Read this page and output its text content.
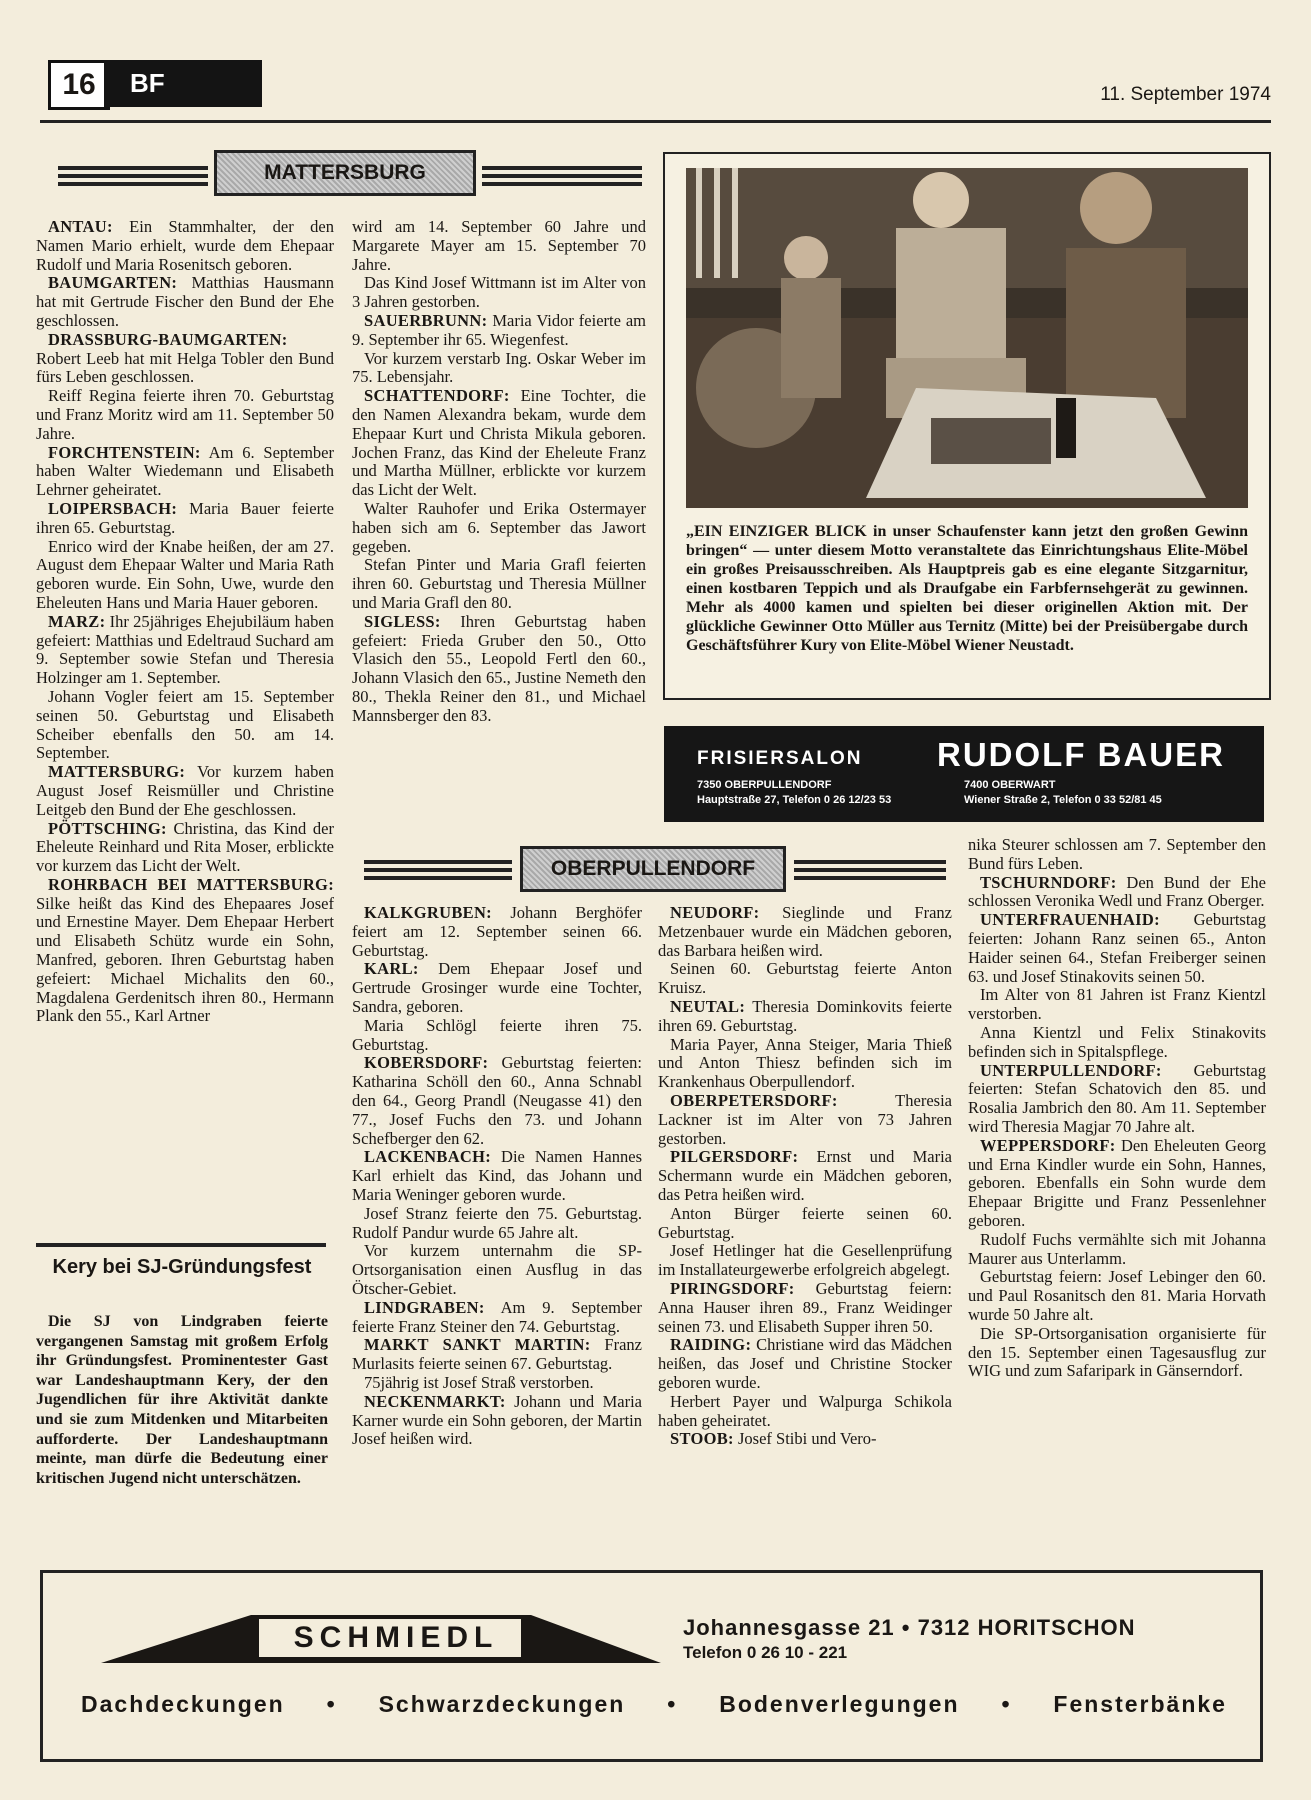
16	BF	11. September 1974
MATTERSBURG

ANTAU: Ein Stammhalter, der den Namen Mario erhielt, wurde dem Ehepaar Rudolf und Maria Rosenitsch geboren.

BAUMGARTEN: Matthias Hausmann hat mit Gertrude Fischer den Bund der Ehe geschlossen.

DRASSBURG-BAUMGARTEN: Robert Leeb hat mit Helga Tobler den Bund fürs Leben geschlossen.

Reiff Regina feierte ihren 70. Geburtstag und Franz Moritz wird am 11. September 50 Jahre.

FORCHTENSTEIN: Am 6. September haben Walter Wiedemann und Elisabeth Lehrner geheiratet.

LOIPERSBACH: Maria Bauer feierte ihren 65. Geburtstag.

Enrico wird der Knabe heißen, der am 27. August dem Ehepaar Walter und Maria Rath geboren wurde. Ein Sohn, Uwe, wurde den Eheleuten Hans und Maria Hauer geboren.

MARZ: Ihr 25jähriges Ehejubiläum haben gefeiert: Matthias und Edeltraud Suchard am 9. September sowie Stefan und Theresia Holzinger am 1. September.

Johann Vogler feiert am 15. September seinen 50. Geburtstag und Elisabeth Scheiber ebenfalls den 50. am 14. September.

MATTERSBURG: Vor kurzem haben August Josef Reismüller und Christine Leitgeb den Bund der Ehe geschlossen.

PÖTTSCHING: Christina, das Kind der Eheleute Reinhard und Rita Moser, erblickte vor kurzem das Licht der Welt.

ROHRBACH BEI MATTERSBURG: Silke heißt das Kind des Ehepaares Josef und Ernestine Mayer. Dem Ehepaar Herbert und Elisabeth Schütz wurde ein Sohn, Manfred, geboren. Ihren Geburtstag haben gefeiert: Michael Michalits den 60., Magdalena Gerdenitsch ihren 80., Hermann Plank den 55., Karl Artner

wird am 14. September 60 Jahre und Margarete Mayer am 15. September 70 Jahre.

Das Kind Josef Wittmann ist im Alter von 3 Jahren gestorben.

SAUERBRUNN: Maria Vidor feierte am 9. September ihr 65. Wiegenfest.

Vor kurzem verstarb Ing. Oskar Weber im 75. Lebensjahr.

SCHATTENDORF: Eine Tochter, die den Namen Alexandra bekam, wurde dem Ehepaar Kurt und Christa Mikula geboren. Jochen Franz, das Kind der Eheleute Franz und Martha Müllner, erblickte vor kurzem das Licht der Welt.

Walter Rauhofer und Erika Ostermayer haben sich am 6. September das Jawort gegeben.

Stefan Pinter und Maria Grafl feierten ihren 60. Geburtstag und Theresia Müllner und Maria Grafl den 80.

SIGLESS: Ihren Geburtstag haben gefeiert: Frieda Gruber den 50., Otto Vlasich den 55., Leopold Fertl den 60., Johann Vlasich den 65., Justine Nemeth den 80., Thekla Reiner den 81., und Michael Mannsberger den 83.

„EIN EINZIGER BLICK in unser Schaufenster kann jetzt den großen Gewinn bringen“ — unter diesem Motto veranstaltete das Einrichtungshaus Elite-Möbel ein großes Preisausschreiben. Als Hauptpreis gab es eine elegante Sitzgarnitur, einen kostbaren Teppich und als Draufgabe ein Farbfernsehgerät zu gewinnen. Mehr als 4000 kamen und spielten bei dieser originellen Aktion mit. Der glückliche Gewinner Otto Müller aus Ternitz (Mitte) bei der Preisübergabe durch Geschäftsführer Kury von Elite-Möbel Wiener Neustadt.
FRISIERSALON RUDOLF BAUER
7350 OBERPULLENDORF
Hauptstraße 27, Telefon 0 26 12/23 53
7400 OBERWART
Wiener Straße 2, Telefon 0 33 52/81 45
OBERPULLENDORF

KALKGRUBEN: Johann Berghöfer feiert am 12. September seinen 66. Geburtstag.

KARL: Dem Ehepaar Josef und Gertrude Grosinger wurde eine Tochter, Sandra, geboren.

Maria Schlögl feierte ihren 75. Geburtstag.

KOBERSDORF: Geburtstag feierten: Katharina Schöll den 60., Anna Schnabl den 64., Georg Prandl (Neugasse 41) den 77., Josef Fuchs den 73. und Johann Schefberger den 62.

LACKENBACH: Die Namen Hannes Karl erhielt das Kind, das Johann und Maria Weninger geboren wurde.

Josef Stranz feierte den 75. Geburtstag. Rudolf Pandur wurde 65 Jahre alt.

Vor kurzem unternahm die SP-Ortsorganisation einen Ausflug in das Ötscher-Gebiet.

LINDGRABEN: Am 9. September feierte Franz Steiner den 74. Geburtstag.

MARKT SANKT MARTIN: Franz Murlasits feierte seinen 67. Geburtstag.

75jährig ist Josef Straß verstorben.

NECKENMARKT: Johann und Maria Karner wurde ein Sohn geboren, der Martin Josef heißen wird.

NEUDORF: Sieglinde und Franz Metzenbauer wurde ein Mädchen geboren, das Barbara heißen wird.

Seinen 60. Geburtstag feierte Anton Kruisz.

NEUTAL: Theresia Dominkovits feierte ihren 69. Geburtstag.

Maria Payer, Anna Steiger, Maria Thieß und Anton Thiesz befinden sich im Krankenhaus Oberpullendorf.

OBERPETERSDORF: Theresia Lackner ist im Alter von 73 Jahren gestorben.

PILGERSDORF: Ernst und Maria Schermann wurde ein Mädchen geboren, das Petra heißen wird.

Anton Bürger feierte seinen 60. Geburtstag.

Josef Hetlinger hat die Gesellenprüfung im Installateurgewerbe erfolgreich abgelegt.

PIRINGSDORF: Geburtstag feiern: Anna Hauser ihren 89., Franz Weidinger seinen 73. und Elisabeth Supper ihren 50.

RAIDING: Christiane wird das Mädchen heißen, das Josef und Christine Stocker geboren wurde.

Herbert Payer und Walpurga Schikola haben geheiratet.

STOOB: Josef Stibi und Vero-

nika Steurer schlossen am 7. September den Bund fürs Leben.

TSCHURNDORF: Den Bund der Ehe schlossen Veronika Wedl und Franz Oberger.

UNTERFRAUENHAID: Geburtstag feierten: Johann Ranz seinen 65., Anton Haider seinen 64., Stefan Freiberger seinen 63. und Josef Stinakovits seinen 50.

Im Alter von 81 Jahren ist Franz Kientzl verstorben.

Anna Kientzl und Felix Stinakovits befinden sich in Spitalspflege.

UNTERPULLENDORF: Geburtstag feierten: Stefan Schatovich den 85. und Rosalia Jambrich den 80. Am 11. September wird Theresia Magjar 70 Jahre alt.

WEPPERSDORF: Den Eheleuten Georg und Erna Kindler wurde ein Sohn, Hannes, geboren. Ebenfalls ein Sohn wurde dem Ehepaar Brigitte und Franz Pessenlehner geboren.

Rudolf Fuchs vermählte sich mit Johanna Maurer aus Unterlamm.

Geburtstag feiern: Josef Lebinger den 60. und Paul Rosanitsch den 81. Maria Horvath wurde 50 Jahre alt.

Die SP-Ortsorganisation organisierte für den 15. September einen Tagesausflug zur WIG und zum Safaripark in Gänserndorf.

Kery bei SJ-Gründungsfest
Die SJ von Lindgraben feierte vergangenen Samstag mit großem Erfolg ihr Gründungsfest. Prominentester Gast war Landeshauptmann Kery, der den Jugendlichen für ihre Aktivität dankte und sie zum Mitdenken und Mitarbeiten aufforderte. Der Landeshauptmann meinte, man dürfe die Bedeutung einer kritischen Jugend nicht unterschätzen.
SCHMIEDL	Johannesgasse 21 • 7312 HORITSCHON
Telefon 0 26 10 - 221
Dachdeckungen • Schwarzdeckungen • Bodenverlegungen • Fensterbänke
